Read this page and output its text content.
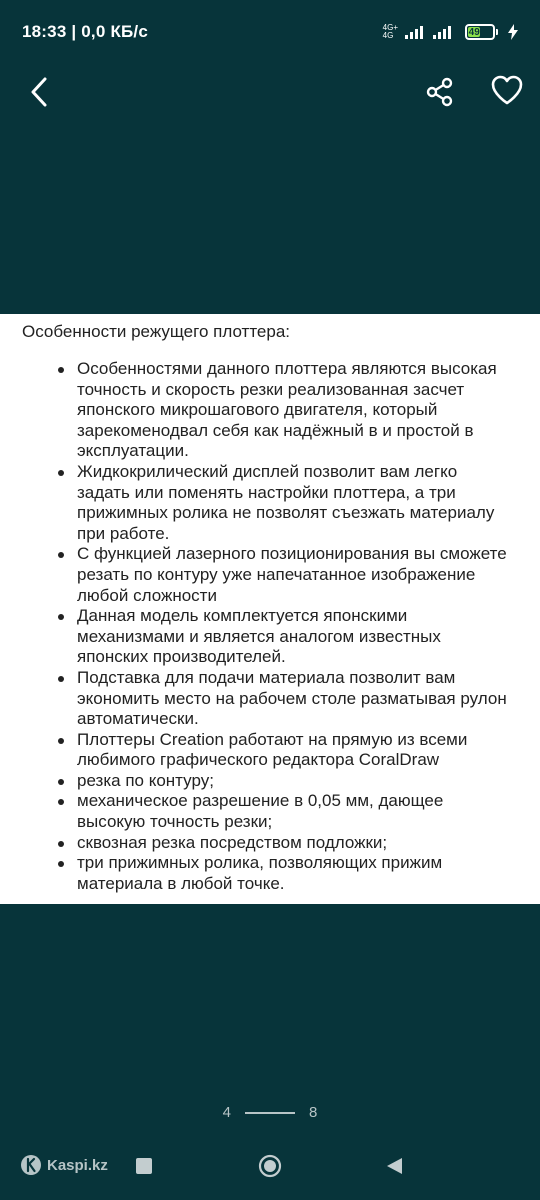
18:33 | 0,0 КБ/с	4G+
4G	49
Особенности режущего плоттера:
Особенностями данного плоттера являются высокая точность и скорость резки реализованная засчет японского микрошагового двигателя, который зарекоменодвал себя как надёжный в и простой в эксплуатации.
Жидкокрилический дисплей позволит вам легко задать или поменять настройки плоттера, а три прижимных ролика не позволят съезжать материалу при работе.
С функцией лазерного позиционирования вы сможете резать по контуру уже напечатанное изображение любой сложности
Данная модель комплектуется японскими механизмами и является аналогом известных японских производителей.
Подставка для подачи материала позволит вам экономить место на рабочем столе разматывая рулон автоматически.
Плоттеры Creation работают на прямую из всеми любимого графического редактора CoralDraw
резка по контуру;
механическое разрешение в 0,05 мм, дающее высокую точность резки;
сквозная резка посредством подложки;
три прижимных ролика, позволяющих прижим материала в любой точке.
4	8
Kaspi.kz
